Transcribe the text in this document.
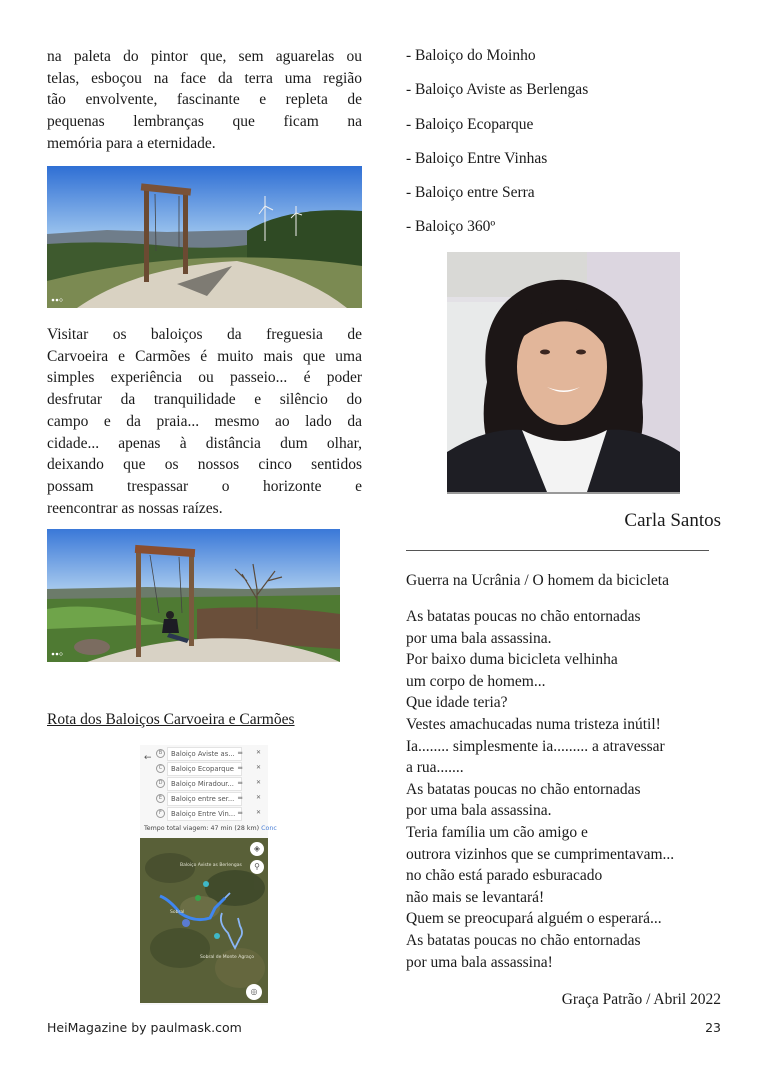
na paleta do pintor que, sem aguarelas ou
telas, esboçou na face da terra uma região
tão envolvente, fascinante e repleta de
pequenas lembranças que ficam na
memória para a eternidade.
Visitar os baloiços da freguesia de
Carvoeira e Carmões é muito mais que uma
simples experiência ou passeio... é poder
desfrutar da tranquilidade e silêncio do
campo e da praia... mesmo ao lado da
cidade... apenas à distância dum olhar,
deixando que os nossos cinco sentidos
possam trespassar o horizonte e
reencontrar as nossas raízes.
Rota dos Baloiços Carvoeira e Carmões
←	B	Baloiço Aviste as... ═ ✕
C	Baloiço Ecoparque ═ ✕
D	Baloiço Miradour... ═ ✕
E	Baloiço entre ser... ═ ✕
F	Baloiço Entre Vin... ═ ✕
Tempo total viagem: 47 min (28 km) Conc
Baloiço Aviste as Berlengas
Sobral
Sobral de Monte Agraço
◈
⚲
◎
- Baloiço do Moinho
- Baloiço Aviste as Berlengas
- Baloiço Ecoparque
- Baloiço Entre Vinhas
- Baloiço entre Serra
- Baloiço 360º
Carla Santos
Guerra na Ucrânia / O homem da bicicleta
As batatas poucas no chão entornadas
por uma bala assassina.
Por baixo duma bicicleta velhinha
um corpo de homem...
Que idade teria?
Vestes amachucadas numa tristeza inútil!
Ia........ simplesmente ia......... a atravessar
a rua.......
As batatas poucas no chão entornadas
por uma bala assassina.
Teria família um cão amigo e
outrora vizinhos que se cumprimentavam...
no chão está parado esburacado
não mais se levantará!
Quem se preocupará alguém o esperará...
As batatas poucas no chão entornadas
por uma bala assassina!
Graça Patrão / Abril 2022
HeiMagazine by paulmask.com	23
